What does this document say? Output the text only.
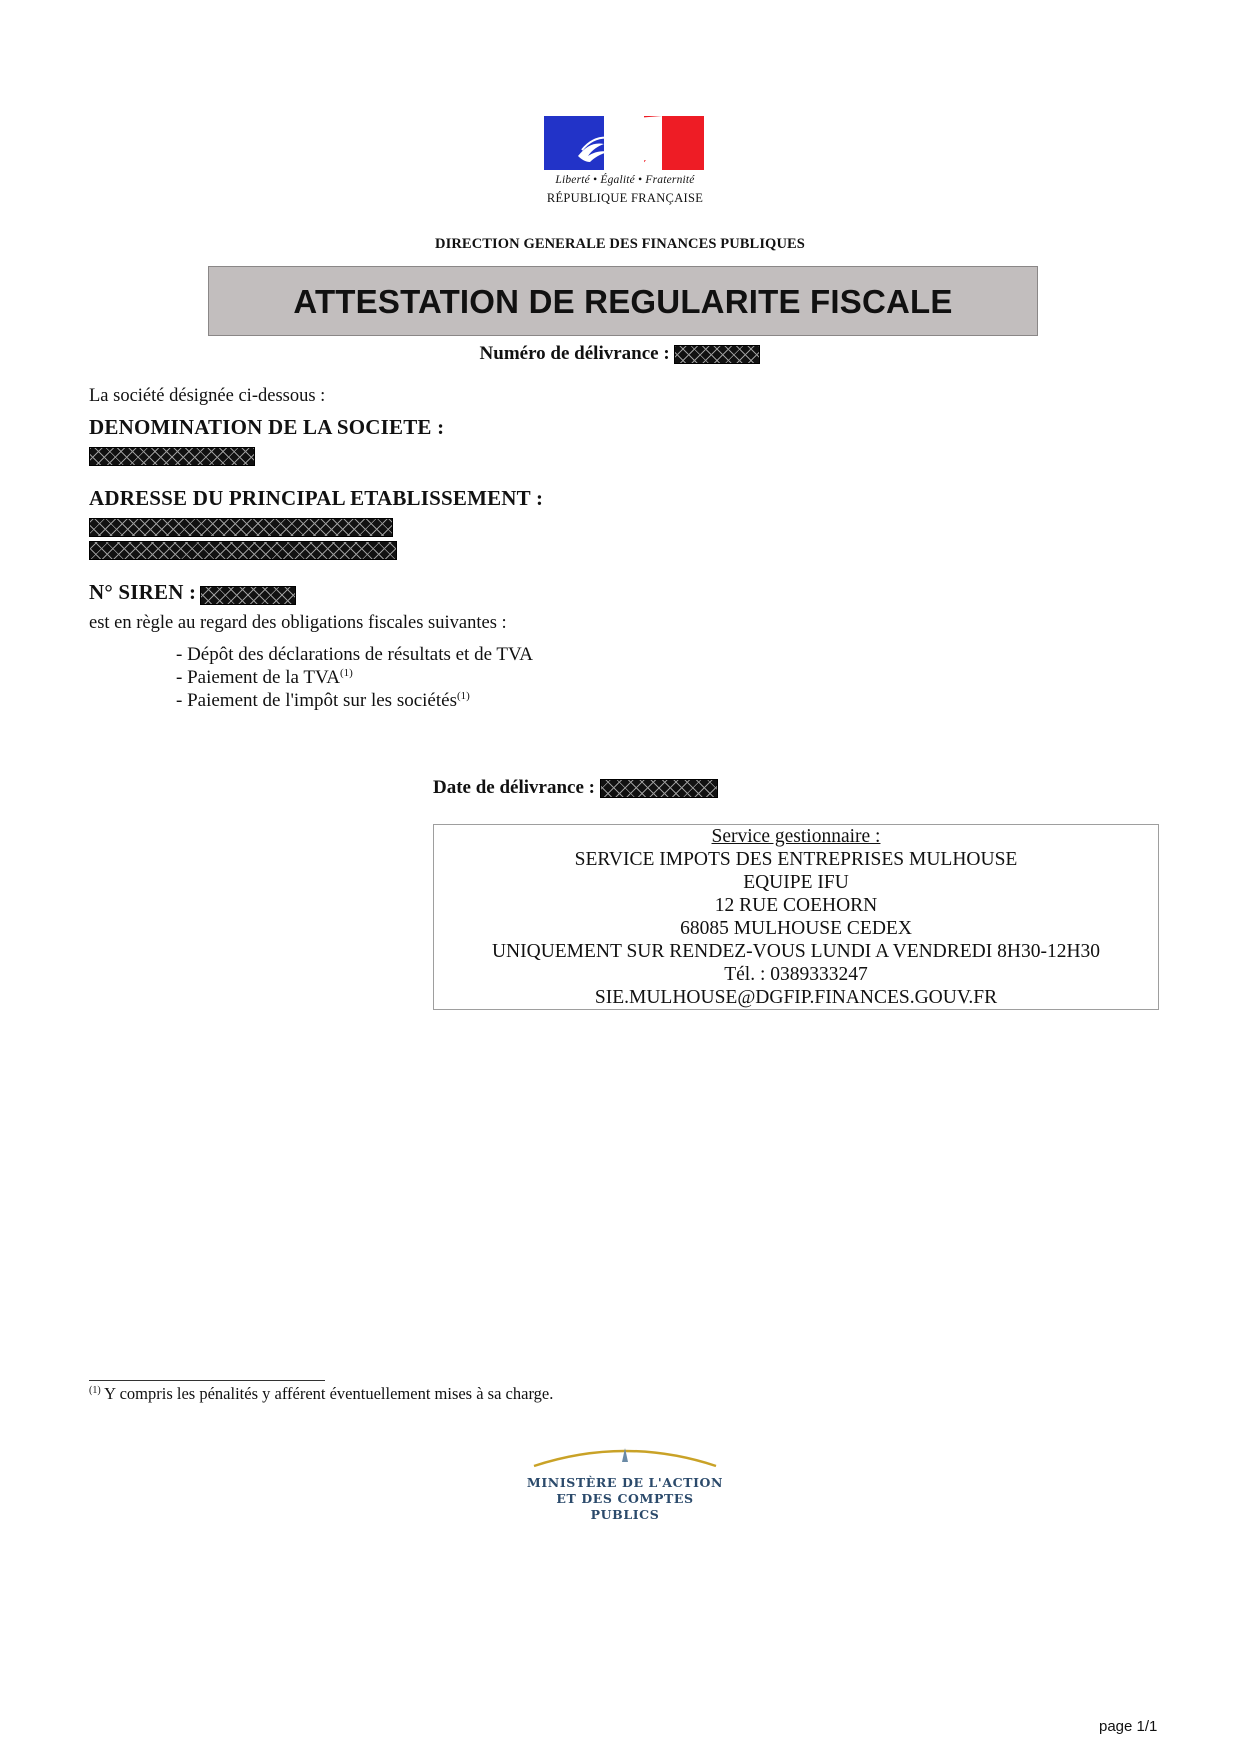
Liberté • Égalité • Fraternité
RÉPUBLIQUE FRANÇAISE
DIRECTION GENERALE DES FINANCES PUBLIQUES
ATTESTATION DE REGULARITE FISCALE
Numéro de délivrance :
La société désignée ci-dessous :
DENOMINATION DE LA SOCIETE :
ADRESSE DU PRINCIPAL ETABLISSEMENT :
N° SIREN :
est en règle au regard des obligations fiscales suivantes :
- Dépôt des déclarations de résultats et de TVA
- Paiement de la TVA$^{(1)}$
- Paiement de l'impôt sur les sociétés$^{(1)}$
Date de délivrance :
Service gestionnaire :
SERVICE IMPOTS DES ENTREPRISES MULHOUSE
EQUIPE IFU
12 RUE COEHORN
68085 MULHOUSE CEDEX
UNIQUEMENT SUR RENDEZ-VOUS LUNDI A VENDREDI 8H30-12H30
Tél. : 0389333247
SIE.MULHOUSE@DGFIP.FINANCES.GOUV.FR
$^{(1)}$ Y compris les pénalités y afférent éventuellement mises à sa charge.
MINISTÈRE DE L'ACTION
ET DES COMPTES PUBLICS
page 1/1
